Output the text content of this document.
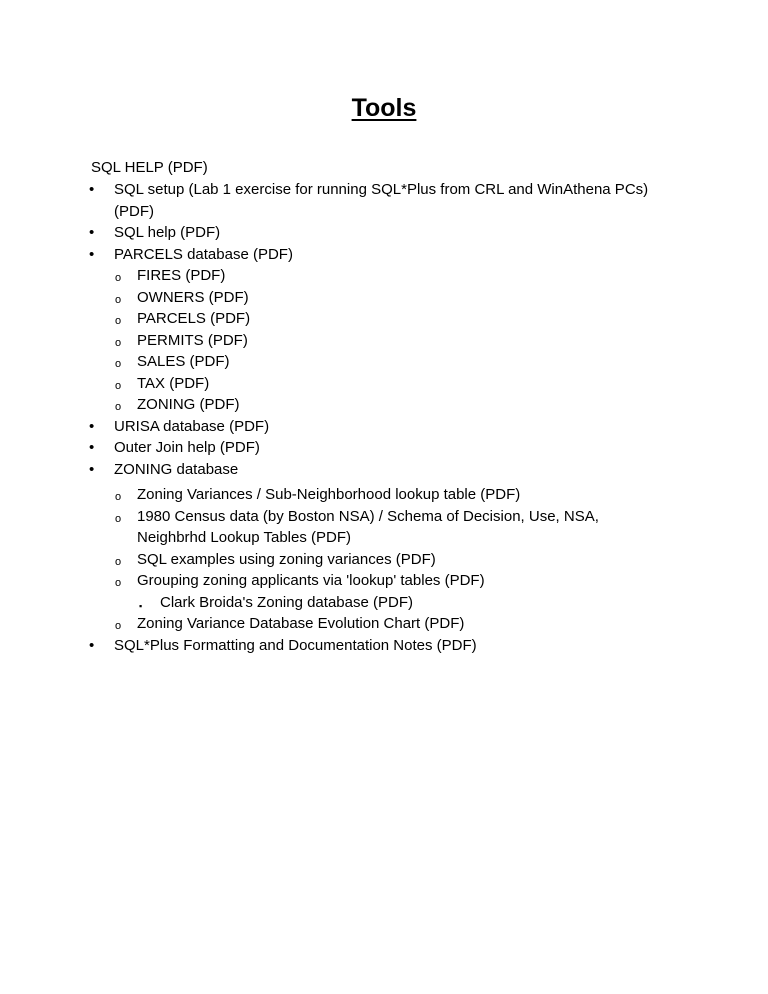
Tools
SQL HELP (PDF)
• SQL setup (Lab 1 exercise for running SQL*Plus from CRL and WinAthena PCs) (PDF)
• SQL help (PDF)
• PARCELS database (PDF)
o FIRES (PDF)
o OWNERS (PDF)
o PARCELS (PDF)
o PERMITS (PDF)
o SALES (PDF)
o TAX (PDF)
o ZONING (PDF)
• URISA database (PDF)
• Outer Join help (PDF)
• ZONING database
o Zoning Variances / Sub-Neighborhood lookup table (PDF)
o 1980 Census data (by Boston NSA) / Schema of Decision, Use, NSA, Neighbrhd Lookup Tables (PDF)
o SQL examples using zoning variances (PDF)
o Grouping zoning applicants via 'lookup' tables (PDF)
▪ Clark Broida's Zoning database (PDF)
o Zoning Variance Database Evolution Chart (PDF)
• SQL*Plus Formatting and Documentation Notes (PDF)
